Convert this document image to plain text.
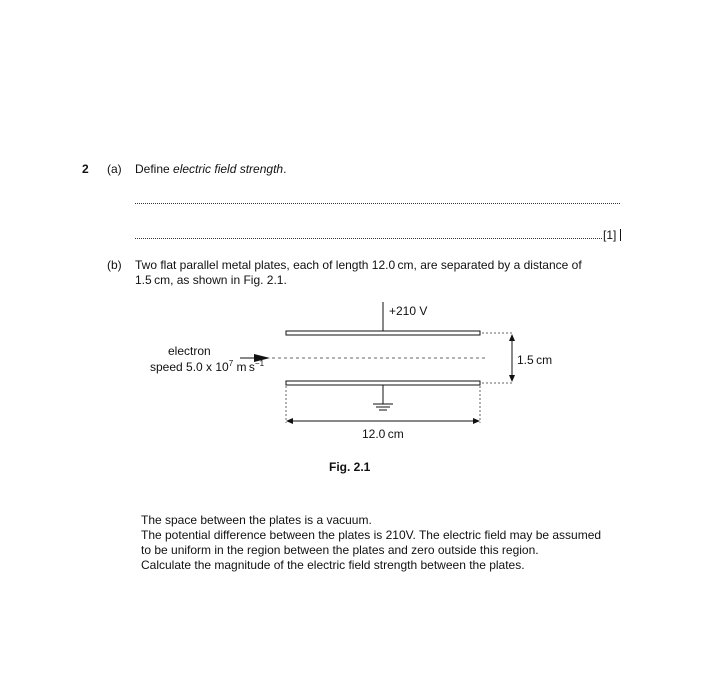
2 (a) Define electric field strength.
[1]
(b) Two flat parallel metal plates, each of length 12.0 cm, are separated by a distance of
1.5 cm, as shown in Fig. 2.1.
+210 V
electron
speed 5.0 x $10^7$ m $s^{-1}$	1.5 cm
12.0 cm
Fig. 2.1
The space between the plates is a vacuum.
The potential difference between the plates is 210V. The electric field may be assumed
to be uniform in the region between the plates and zero outside this region.
Calculate the magnitude of the electric field strength between the plates.
